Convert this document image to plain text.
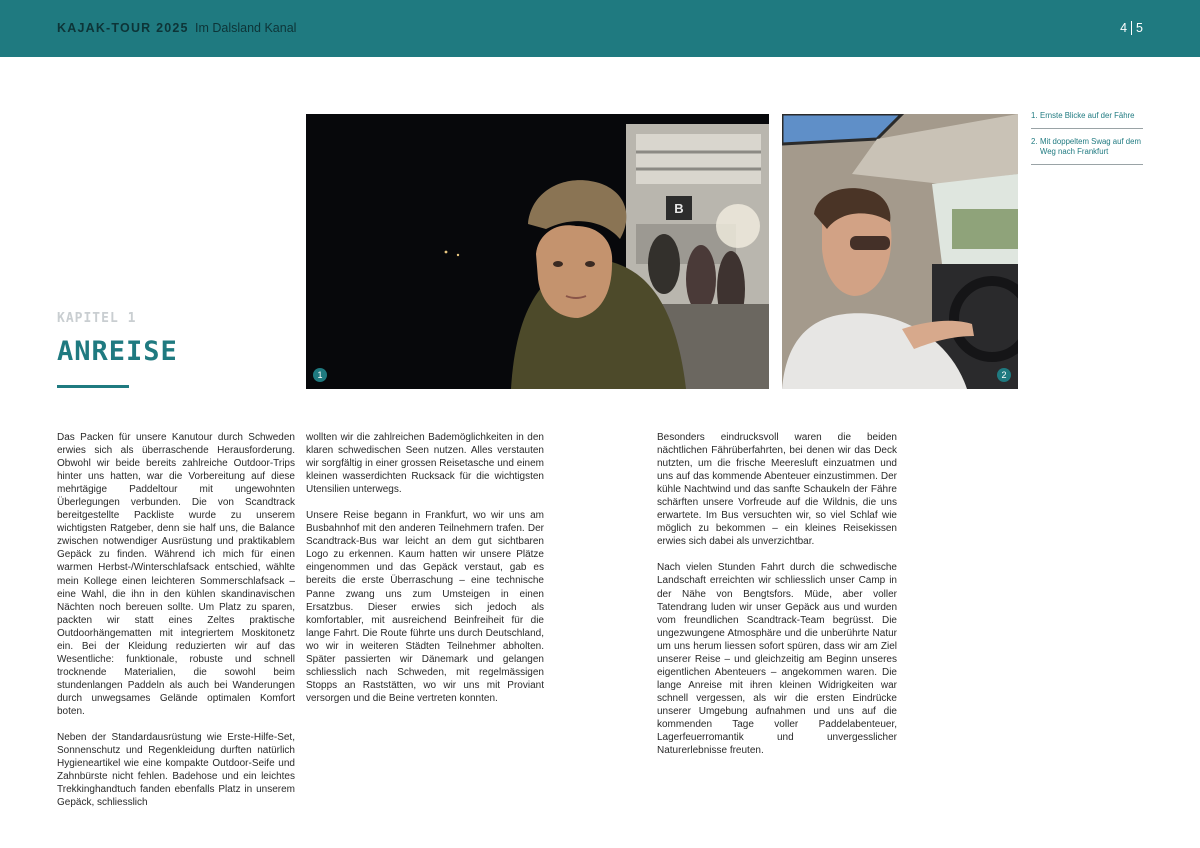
KAJAK-TOUR 2025 Im Dalsland Kanal	4 5
KAPITEL 1
ANREISE
B
1	2
1. Ernste Blicke auf der Fähre
2. Mit doppeltem Swag auf dem Weg nach Frankfurt

Das Packen für unsere Kanutour durch Schweden erwies sich als überraschende Herausforderung. Obwohl wir beide bereits zahlreiche Outdoor-Trips hinter uns hatten, war die Vorbereitung auf diese mehrtägige Paddeltour mit ungewohnten Überlegungen verbunden. Die von Scandtrack bereitgestellte Packliste wurde zu unserem wichtigsten Ratgeber, denn sie half uns, die Balance zwischen notwendiger Ausrüstung und praktikablem Gepäck zu finden. Während ich mich für einen warmen Herbst-/Winterschlafsack entschied, wählte mein Kollege einen leichteren Sommerschlafsack – eine Wahl, die ihn in den kühlen skandinavischen Nächten noch bereuen sollte. Um Platz zu sparen, packten wir statt eines Zeltes praktische Outdoorhängematten mit integriertem Moskitonetz ein. Bei der Kleidung reduzierten wir auf das Wesentliche: funktionale, robuste und schnell trocknende Materialien, die sowohl beim stundenlangen Paddeln als auch bei Wanderungen durch unwegsames Gelände optimalen Komfort boten.

Neben der Standardausrüstung wie Erste-Hilfe-Set, Sonnenschutz und Regenkleidung durften natürlich Hygieneartikel wie eine kompakte Outdoor-Seife und Zahnbürste nicht fehlen. Badehose und ein leichtes Trekkinghandtuch fanden ebenfalls Platz in unserem Gepäck, schliesslich

wollten wir die zahlreichen Bademöglichkeiten in den klaren schwedischen Seen nutzen. Alles verstauten wir sorgfältig in einer grossen Reisetasche und einem kleinen wasserdichten Rucksack für die wichtigsten Utensilien unterwegs.

Unsere Reise begann in Frankfurt, wo wir uns am Busbahnhof mit den anderen Teilnehmern trafen. Der Scandtrack-Bus war leicht an dem gut sichtbaren Logo zu erkennen. Kaum hatten wir unsere Plätze eingenommen und das Gepäck verstaut, gab es bereits die erste Überraschung – eine technische Panne zwang uns zum Umsteigen in einen Ersatzbus. Dieser erwies sich jedoch als komfortabler, mit ausreichend Beinfreiheit für die lange Fahrt. Die Route führte uns durch Deutschland, wo wir in weiteren Städten Teilnehmer abholten. Später passierten wir Dänemark und gelangen schliesslich nach Schweden, mit regelmässigen Stopps an Raststätten, wo wir uns mit Proviant versorgen und die Beine vertreten konnten.

Besonders eindrucksvoll waren die beiden nächtlichen Fährüberfahrten, bei denen wir das Deck nutzten, um die frische Meeresluft einzuatmen und uns auf das kommende Abenteuer einzustimmen. Der kühle Nachtwind und das sanfte Schaukeln der Fähre schärften unsere Vorfreude auf die Wildnis, die uns erwartete. Im Bus versuchten wir, so viel Schlaf wie möglich zu bekommen – ein kleines Reisekissen erwies sich dabei als unverzichtbar.

Nach vielen Stunden Fahrt durch die schwedische Landschaft erreichten wir schliesslich unser Camp in der Nähe von Bengtsfors. Müde, aber voller Tatendrang luden wir unser Gepäck aus und wurden vom freundlichen Scandtrack-Team begrüsst. Die ungezwungene Atmosphäre und die unberührte Natur um uns herum liessen sofort spüren, dass wir am Ziel unserer Reise – und gleichzeitig am Beginn unseres eigentlichen Abenteuers – angekommen waren. Die lange Anreise mit ihren kleinen Widrigkeiten war schnell vergessen, als wir die ersten Eindrücke unserer Umgebung aufnahmen und uns auf die kommenden Tage voller Paddelabenteuer, Lagerfeuerromantik und unvergesslicher Naturerlebnisse freuten.
